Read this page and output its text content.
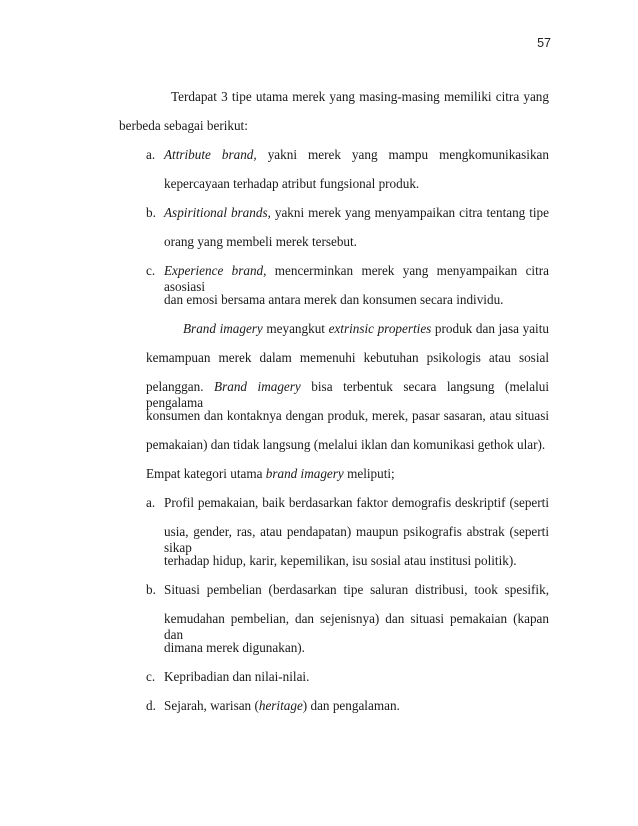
57
Terdapat 3 tipe utama merek yang masing-masing memiliki citra yang
berbeda sebagai berikut:
a. Attribute brand, yakni merek yang mampu mengkomunikasikan
kepercayaan terhadap atribut fungsional produk.
b. Aspiritional brands, yakni merek yang menyampaikan citra tentang tipe
orang yang membeli merek tersebut.
c. Experience brand, mencerminkan merek yang menyampaikan citra asosiasi
dan emosi bersama antara merek dan konsumen secara individu.
Brand imagery meyangkut extrinsic properties produk dan jasa yaitu
kemampuan merek dalam memenuhi kebutuhan psikologis atau sosial
pelanggan. Brand imagery bisa terbentuk secara langsung (melalui pengalama
konsumen dan kontaknya dengan produk, merek, pasar sasaran, atau situasi
pemakaian) dan tidak langsung (melalui iklan dan komunikasi gethok ular).
Empat kategori utama brand imagery meliputi;
a. Profil pemakaian, baik berdasarkan faktor demografis deskriptif (seperti
usia, gender, ras, atau pendapatan) maupun psikografis abstrak (seperti sikap
terhadap hidup, karir, kepemilikan, isu sosial atau institusi politik).
b. Situasi pembelian (berdasarkan tipe saluran distribusi, took spesifik,
kemudahan pembelian, dan sejenisnya) dan situasi pemakaian (kapan dan
dimana merek digunakan).
c. Kepribadian dan nilai-nilai.
d. Sejarah, warisan (heritage) dan pengalaman.
